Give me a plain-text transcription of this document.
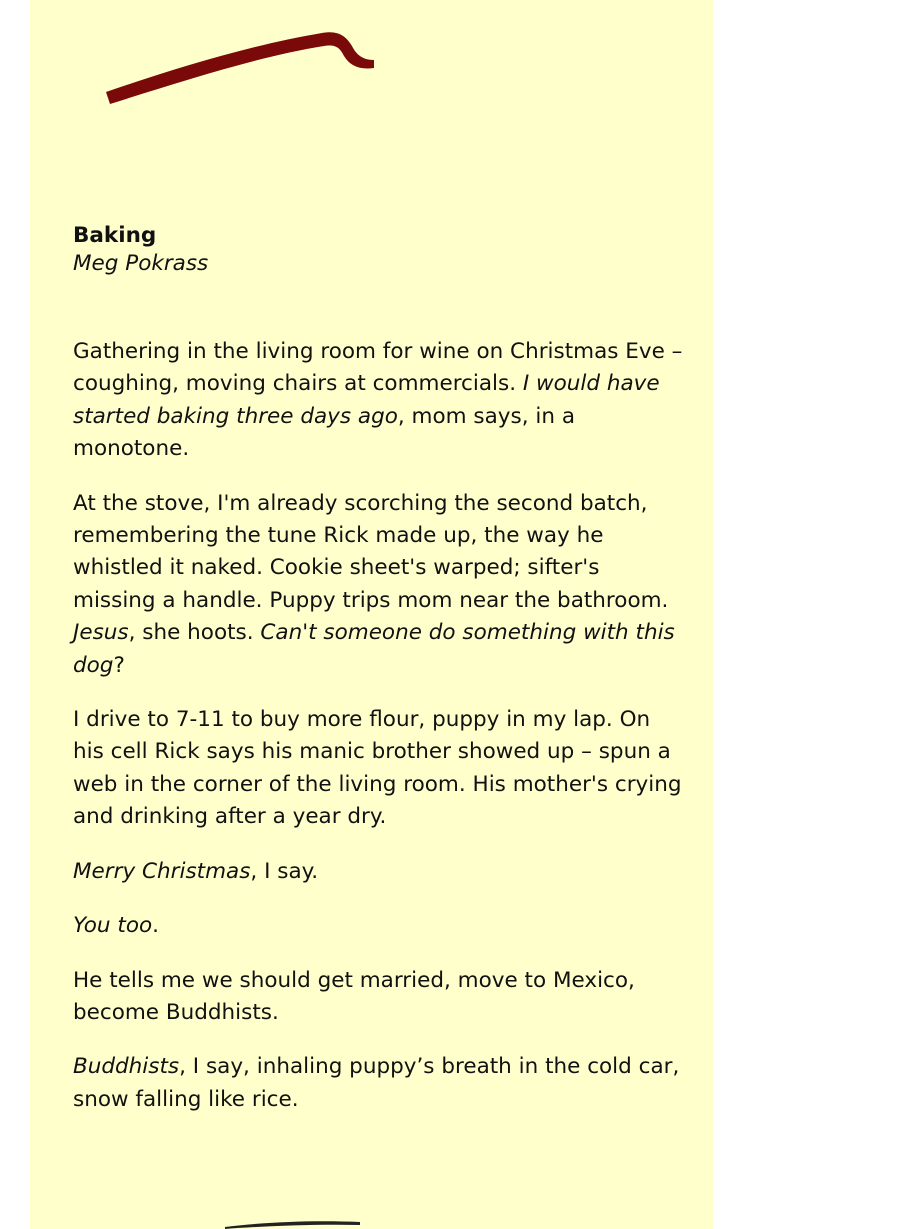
Baking
Meg Pokrass

Gathering in the living room for wine on Christmas Eve – coughing, moving chairs at commercials. I would have started baking three days ago, mom says, in a monotone.

At the stove, I'm already scorching the second batch, remembering the tune Rick made up, the way he whistled it naked. Cookie sheet's warped; sifter's missing a handle. Puppy trips mom near the bathroom. Jesus, she hoots. Can't someone do something with this dog?

I drive to 7-11 to buy more flour, puppy in my lap. On his cell Rick says his manic brother showed up – spun a web in the corner of the living room. His mother's crying and drinking after a year dry.

Merry Christmas, I say.

You too.

He tells me we should get married, move to Mexico, become Buddhists.

Buddhists, I say, inhaling puppy’s breath in the cold car, snow falling like rice.
